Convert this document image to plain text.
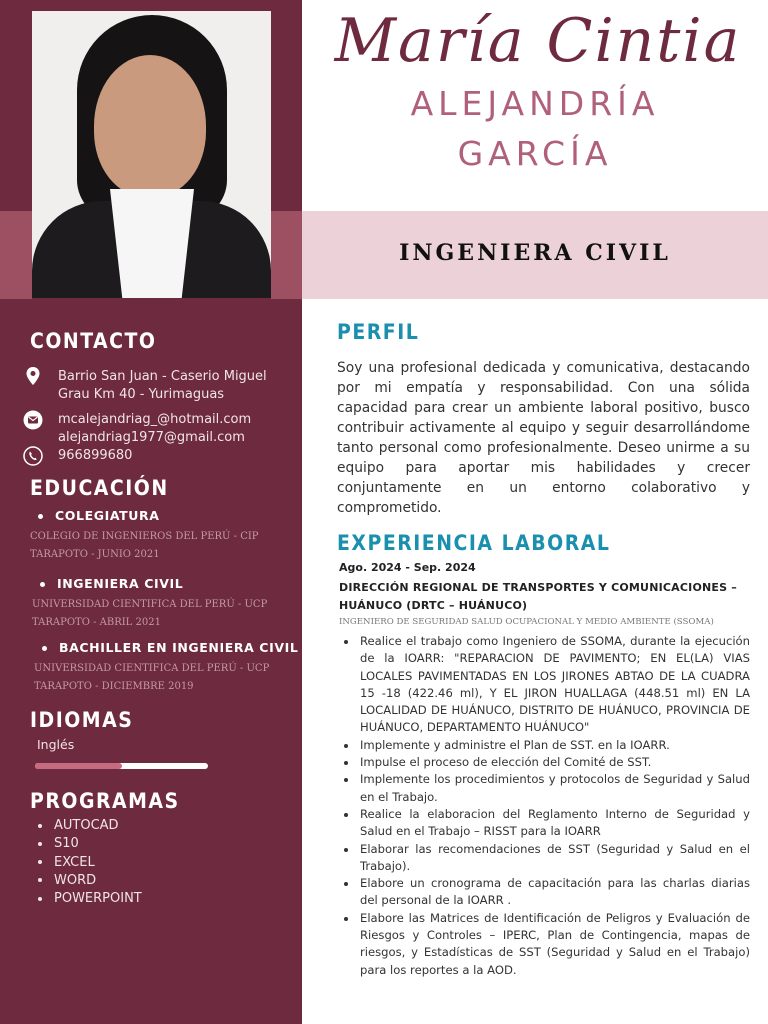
María Cintia
ALEJANDRÍA
GARCÍA
INGENIERA CIVIL
CONTACTO
Barrio San Juan - Caserio Miguel
Grau Km 40 - Yurimaguas
mcalejandriag_@hotmail.com
alejandriag1977@gmail.com
966899680
EDUCACIÓN
COLEGIATURA
COLEGIO DE INGENIEROS DEL PERÚ - CIP
TARAPOTO - JUNIO 2021
INGENIERA CIVIL
UNIVERSIDAD CIENTIFICA DEL PERÚ - UCP
TARAPOTO - ABRIL 2021
BACHILLER EN INGENIERA CIVIL
UNIVERSIDAD CIENTIFICA DEL PERÚ - UCP
TARAPOTO - DICIEMBRE 2019
IDIOMAS
Inglés
PROGRAMAS
AUTOCAD
S10
EXCEL
WORD
POWERPOINT
PERFIL
Soy una profesional dedicada y comunicativa, destacando por mi empatía y responsabilidad. Con una sólida capacidad para crear un ambiente laboral positivo, busco contribuir activamente al equipo y seguir desarrollándome tanto personal como profesionalmente. Deseo unirme a su equipo para aportar mis habilidades y crecer conjuntamente en un entorno colaborativo y comprometido.
EXPERIENCIA LABORAL
Ago. 2024 - Sep. 2024
DIRECCIÓN REGIONAL DE TRANSPORTES Y COMUNICACIONES – HUÁNUCO (DRTC – HUÁNUCO)
INGENIERO DE SEGURIDAD SALUD OCUPACIONAL Y MEDIO AMBIENTE (SSOMA)
Realice el trabajo como Ingeniero de SSOMA, durante la ejecución de la IOARR: "REPARACION DE PAVIMENTO; EN EL(LA) VIAS LOCALES PAVIMENTADAS EN LOS JIRONES ABTAO DE LA CUADRA 15 -18 (422.46 ml), Y EL JIRON HUALLAGA (448.51 ml) EN LA LOCALIDAD DE HUÁNUCO, DISTRITO DE HUÁNUCO, PROVINCIA DE HUÁNUCO, DEPARTAMENTO HUÁNUCO"
Implemente y administre el Plan de SST. en la IOARR.
Impulse el proceso de elección del Comité de SST.
Implemente los procedimientos y protocolos de Seguridad y Salud en el Trabajo.
Realice la elaboracion del Reglamento Interno de Seguridad y Salud en el Trabajo – RISST para la IOARR
Elaborar las recomendaciones de SST (Seguridad y Salud en el Trabajo).
Elabore un cronograma de capacitación para las charlas diarias del personal de la IOARR .
Elabore las Matrices de Identificación de Peligros y Evaluación de Riesgos y Controles – IPERC, Plan de Contingencia, mapas de riesgos, y Estadísticas de SST (Seguridad y Salud en el Trabajo) para los reportes a la AOD.
